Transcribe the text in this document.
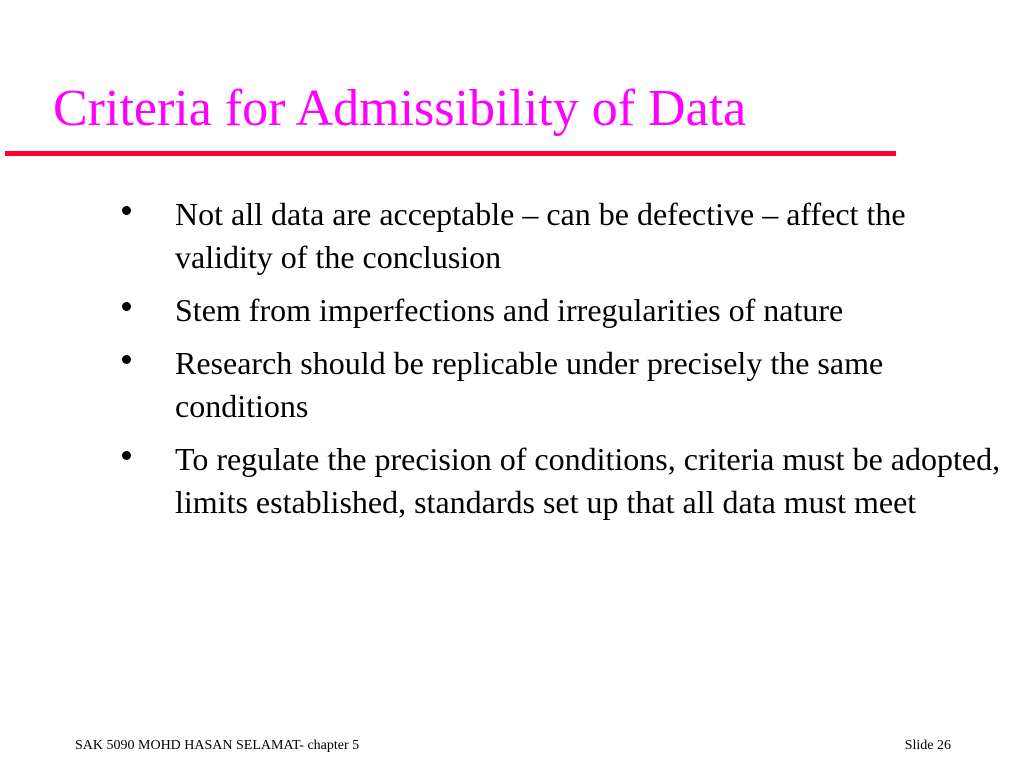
Criteria for Admissibility of Data
Not all data are acceptable – can be defective – affect the validity of the conclusion
Stem from imperfections and irregularities of nature
Research should be replicable under precisely the same conditions
To regulate the precision of conditions, criteria must be adopted, limits established, standards set up that all data must meet
SAK 5090 MOHD HASAN SELAMAT- chapter 5	Slide 26
